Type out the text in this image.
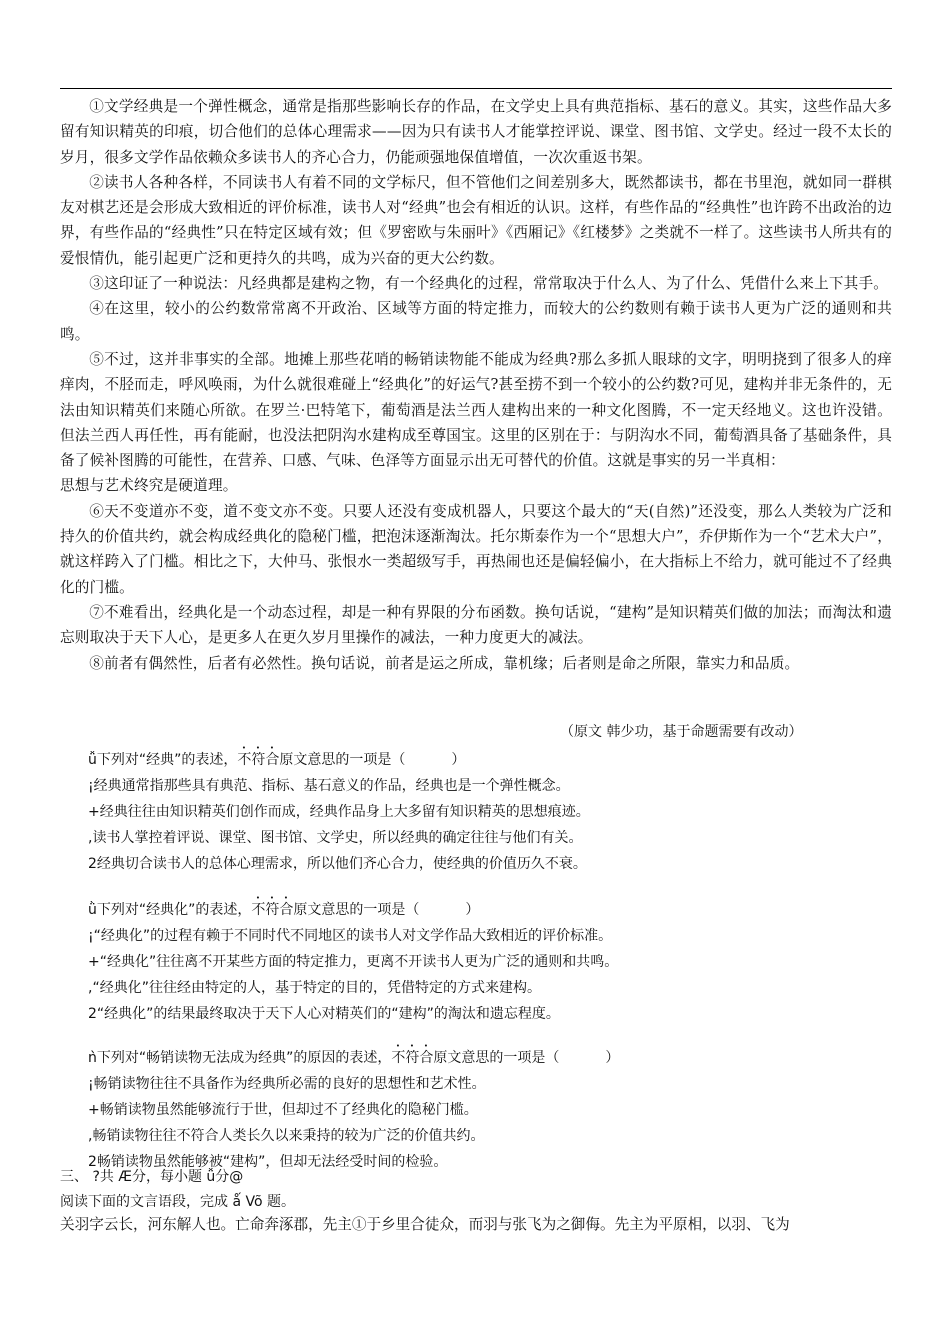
①文学经典是一个弹性概念，通常是指那些影响长存的作品，在文学史上具有典范指标、基石的意义。其实，这些作品大多留有知识精英的印痕，切合他们的总体心理需求——因为只有读书人才能掌控评说、课堂、图书馆、文学史。经过一段不太长的岁月，很多文学作品依赖众多读书人的齐心合力，仍能顽强地保值增值，一次次重返书架。

②读书人各种各样，不同读书人有着不同的文学标尺，但不管他们之间差别多大，既然都读书，都在书里泡，就如同一群棋友对棋艺还是会形成大致相近的评价标准，读书人对“经典”也会有相近的认识。这样，有些作品的“经典性”也许跨不出政治的边界，有些作品的“经典性”只在特定区域有效；但《罗密欧与朱丽叶》《西厢记》《红楼梦》之类就不一样了。这些读书人所共有的爱恨情仇，能引起更广泛和更持久的共鸣，成为兴奋的更大公约数。

③这印证了一种说法：凡经典都是建构之物，有一个经典化的过程，常常取决于什么人、为了什么、凭借什么来上下其手。

④在这里，较小的公约数常常离不开政治、区域等方面的特定推力，而较大的公约数则有赖于读书人更为广泛的通则和共鸣。

⑤不过，这并非事实的全部。地摊上那些花哨的畅销读物能不能成为经典?那么多抓人眼球的文字，明明挠到了很多人的痒痒肉，不胫而走，呼风唤雨，为什么就很难碰上“经典化”的好运气?甚至捞不到一个较小的公约数?可见，建构并非无条件的，无法由知识精英们来随心所欲。在罗兰·巴特笔下，葡萄酒是法兰西人建构出来的一种文化图腾，不一定天经地义。这也许没错。但法兰西人再任性，再有能耐，也没法把阴沟水建构成至尊国宝。这里的区别在于：与阴沟水不同，葡萄酒具备了基础条件，具备了候补图腾的可能性，在营养、口感、气味、色泽等方面显示出无可替代的价值。这就是事实的另一半真相：

思想与艺术终究是硬道理。

⑥天不变道亦不变，道不变文亦不变。只要人还没有变成机器人，只要这个最大的“天(自然)”还没变，那么人类较为广泛和持久的价值共约，就会构成经典化的隐秘门槛，把泡沫逐渐淘汰。托尔斯泰作为一个“思想大户”，乔伊斯作为一个“艺术大户”，就这样跨入了门槛。相比之下，大仲马、张恨水一类超级写手，再热闹也还是偏轻偏小，在大指标上不给力，就可能过不了经典化的门槛。

⑦不难看出，经典化是一个动态过程，却是一种有界限的分布函数。换句话说，“建构”是知识精英们做的加法；而淘汰和遗忘则取决于天下人心，是更多人在更久岁月里操作的减法，一种力度更大的减法。

⑧前者有偶然性，后者有必然性。换句话说，前者是运之所成，靠机缘；后者则是命之所限，靠实力和品质。

（原文 韩少功，基于命题需要有改动）
ǚ下列对“经典”的表述，不符合原文意思的一项是（	）
¡经典通常指那些具有典范、指标、基石意义的作品，经典也是一个弹性概念。
+经典往往由知识精英们创作而成，经典作品身上大多留有知识精英的思想痕迹。
,读书人掌控着评说、课堂、图书馆、文学史，所以经典的确定往往与他们有关。
2经典切合读书人的总体心理需求，所以他们齐心合力，使经典的价值历久不衰。
ǜ下列对“经典化”的表述，不符合原文意思的一项是（	）
¡“经典化”的过程有赖于不同时代不同地区的读书人对文学作品大致相近的评价标准。
+“经典化”往往离不开某些方面的特定推力，更离不开读书人更为广泛的通则和共鸣。
,“经典化”往往经由特定的人，基于特定的目的，凭借特定的方式来建构。
2“经典化”的结果最终取决于天下人心对精英们的“建构”的淘汰和遗忘程度。
ǹ下列对“畅销读物无法成为经典”的原因的表述，不符合原文意思的一项是（	）
¡畅销读物往往不具备作为经典所必需的良好的思想性和艺术性。
+畅销读物虽然能够流行于世，但却过不了经典化的隐秘门槛。
,畅销读物往往不符合人类长久以来秉持的较为广泛的价值共约。
2畅销读物虽然能够被“建构”，但却无法经受时间的检验。
三、 ?共 Æ分，每小题 ǚ分@
阅读下面的文言语段，完成 ǻ Võ 题。
关羽字云长，河东解人也。亡命奔涿郡，先主①于乡里合徒众，而羽与张飞为之御侮。先主为平原相，以羽、飞为
